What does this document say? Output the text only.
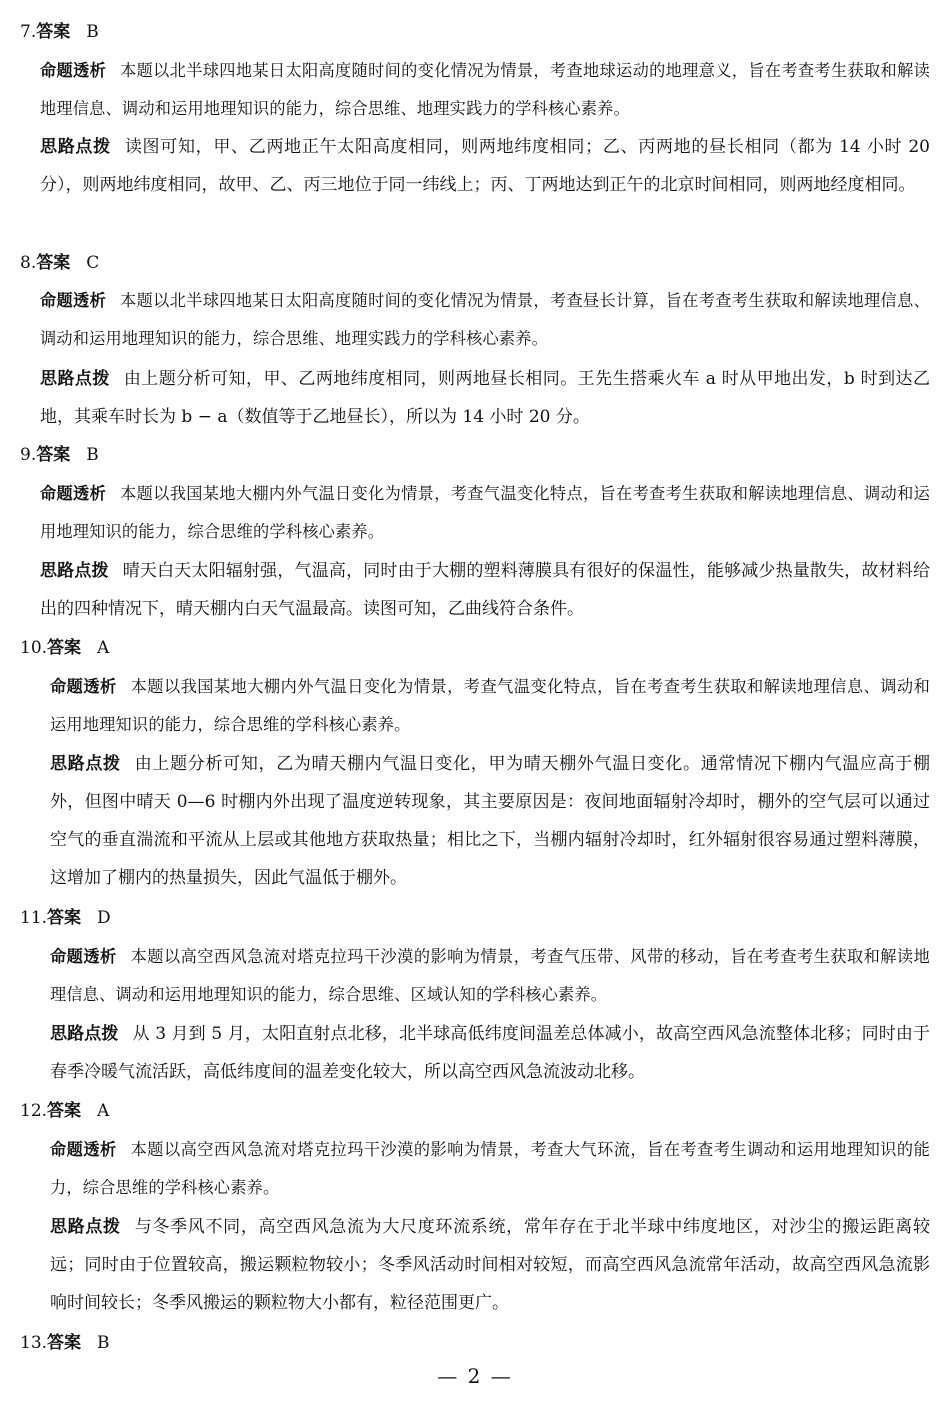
7.答案 B
命题透析 本题以北半球四地某日太阳高度随时间的变化情况为情景，考查地球运动的地理意义，旨在考查考生获取和解读地理信息、调动和运用地理知识的能力，综合思维、地理实践力的学科核心素养。
思路点拨 读图可知，甲、乙两地正午太阳高度相同，则两地纬度相同；乙、丙两地的昼长相同（都为 14 小时 20 分），则两地纬度相同，故甲、乙、丙三地位于同一纬线上；丙、丁两地达到正午的北京时间相同，则两地经度相同。
8.答案 C
命题透析 本题以北半球四地某日太阳高度随时间的变化情况为情景，考查昼长计算，旨在考查考生获取和解读地理信息、调动和运用地理知识的能力，综合思维、地理实践力的学科核心素养。
思路点拨 由上题分析可知，甲、乙两地纬度相同，则两地昼长相同。王先生搭乘火车 a 时从甲地出发，b 时到达乙地，其乘车时长为 b − a（数值等于乙地昼长），所以为 14 小时 20 分。
9.答案 B
命题透析 本题以我国某地大棚内外气温日变化为情景，考查气温变化特点，旨在考查考生获取和解读地理信息、调动和运用地理知识的能力，综合思维的学科核心素养。
思路点拨 晴天白天太阳辐射强，气温高，同时由于大棚的塑料薄膜具有很好的保温性，能够减少热量散失，故材料给出的四种情况下，晴天棚内白天气温最高。读图可知，乙曲线符合条件。
10.答案 A
命题透析 本题以我国某地大棚内外气温日变化为情景，考查气温变化特点，旨在考查考生获取和解读地理信息、调动和运用地理知识的能力，综合思维的学科核心素养。
思路点拨 由上题分析可知，乙为晴天棚内气温日变化，甲为晴天棚外气温日变化。通常情况下棚内气温应高于棚外，但图中晴天 0—6 时棚内外出现了温度逆转现象，其主要原因是：夜间地面辐射冷却时，棚外的空气层可以通过空气的垂直湍流和平流从上层或其他地方获取热量；相比之下，当棚内辐射冷却时，红外辐射很容易通过塑料薄膜，这增加了棚内的热量损失，因此气温低于棚外。
11.答案 D
命题透析 本题以高空西风急流对塔克拉玛干沙漠的影响为情景，考查气压带、风带的移动，旨在考查考生获取和解读地理信息、调动和运用地理知识的能力，综合思维、区域认知的学科核心素养。
思路点拨 从 3 月到 5 月，太阳直射点北移，北半球高低纬度间温差总体减小，故高空西风急流整体北移；同时由于春季冷暖气流活跃，高低纬度间的温差变化较大，所以高空西风急流波动北移。
12.答案 A
命题透析 本题以高空西风急流对塔克拉玛干沙漠的影响为情景，考查大气环流，旨在考查考生调动和运用地理知识的能力，综合思维的学科核心素养。
思路点拨 与冬季风不同，高空西风急流为大尺度环流系统，常年存在于北半球中纬度地区，对沙尘的搬运距离较远；同时由于位置较高，搬运颗粒物较小；冬季风活动时间相对较短，而高空西风急流常年活动，故高空西风急流影响时间较长；冬季风搬运的颗粒物大小都有，粒径范围更广。
13.答案 B
— 2 —
